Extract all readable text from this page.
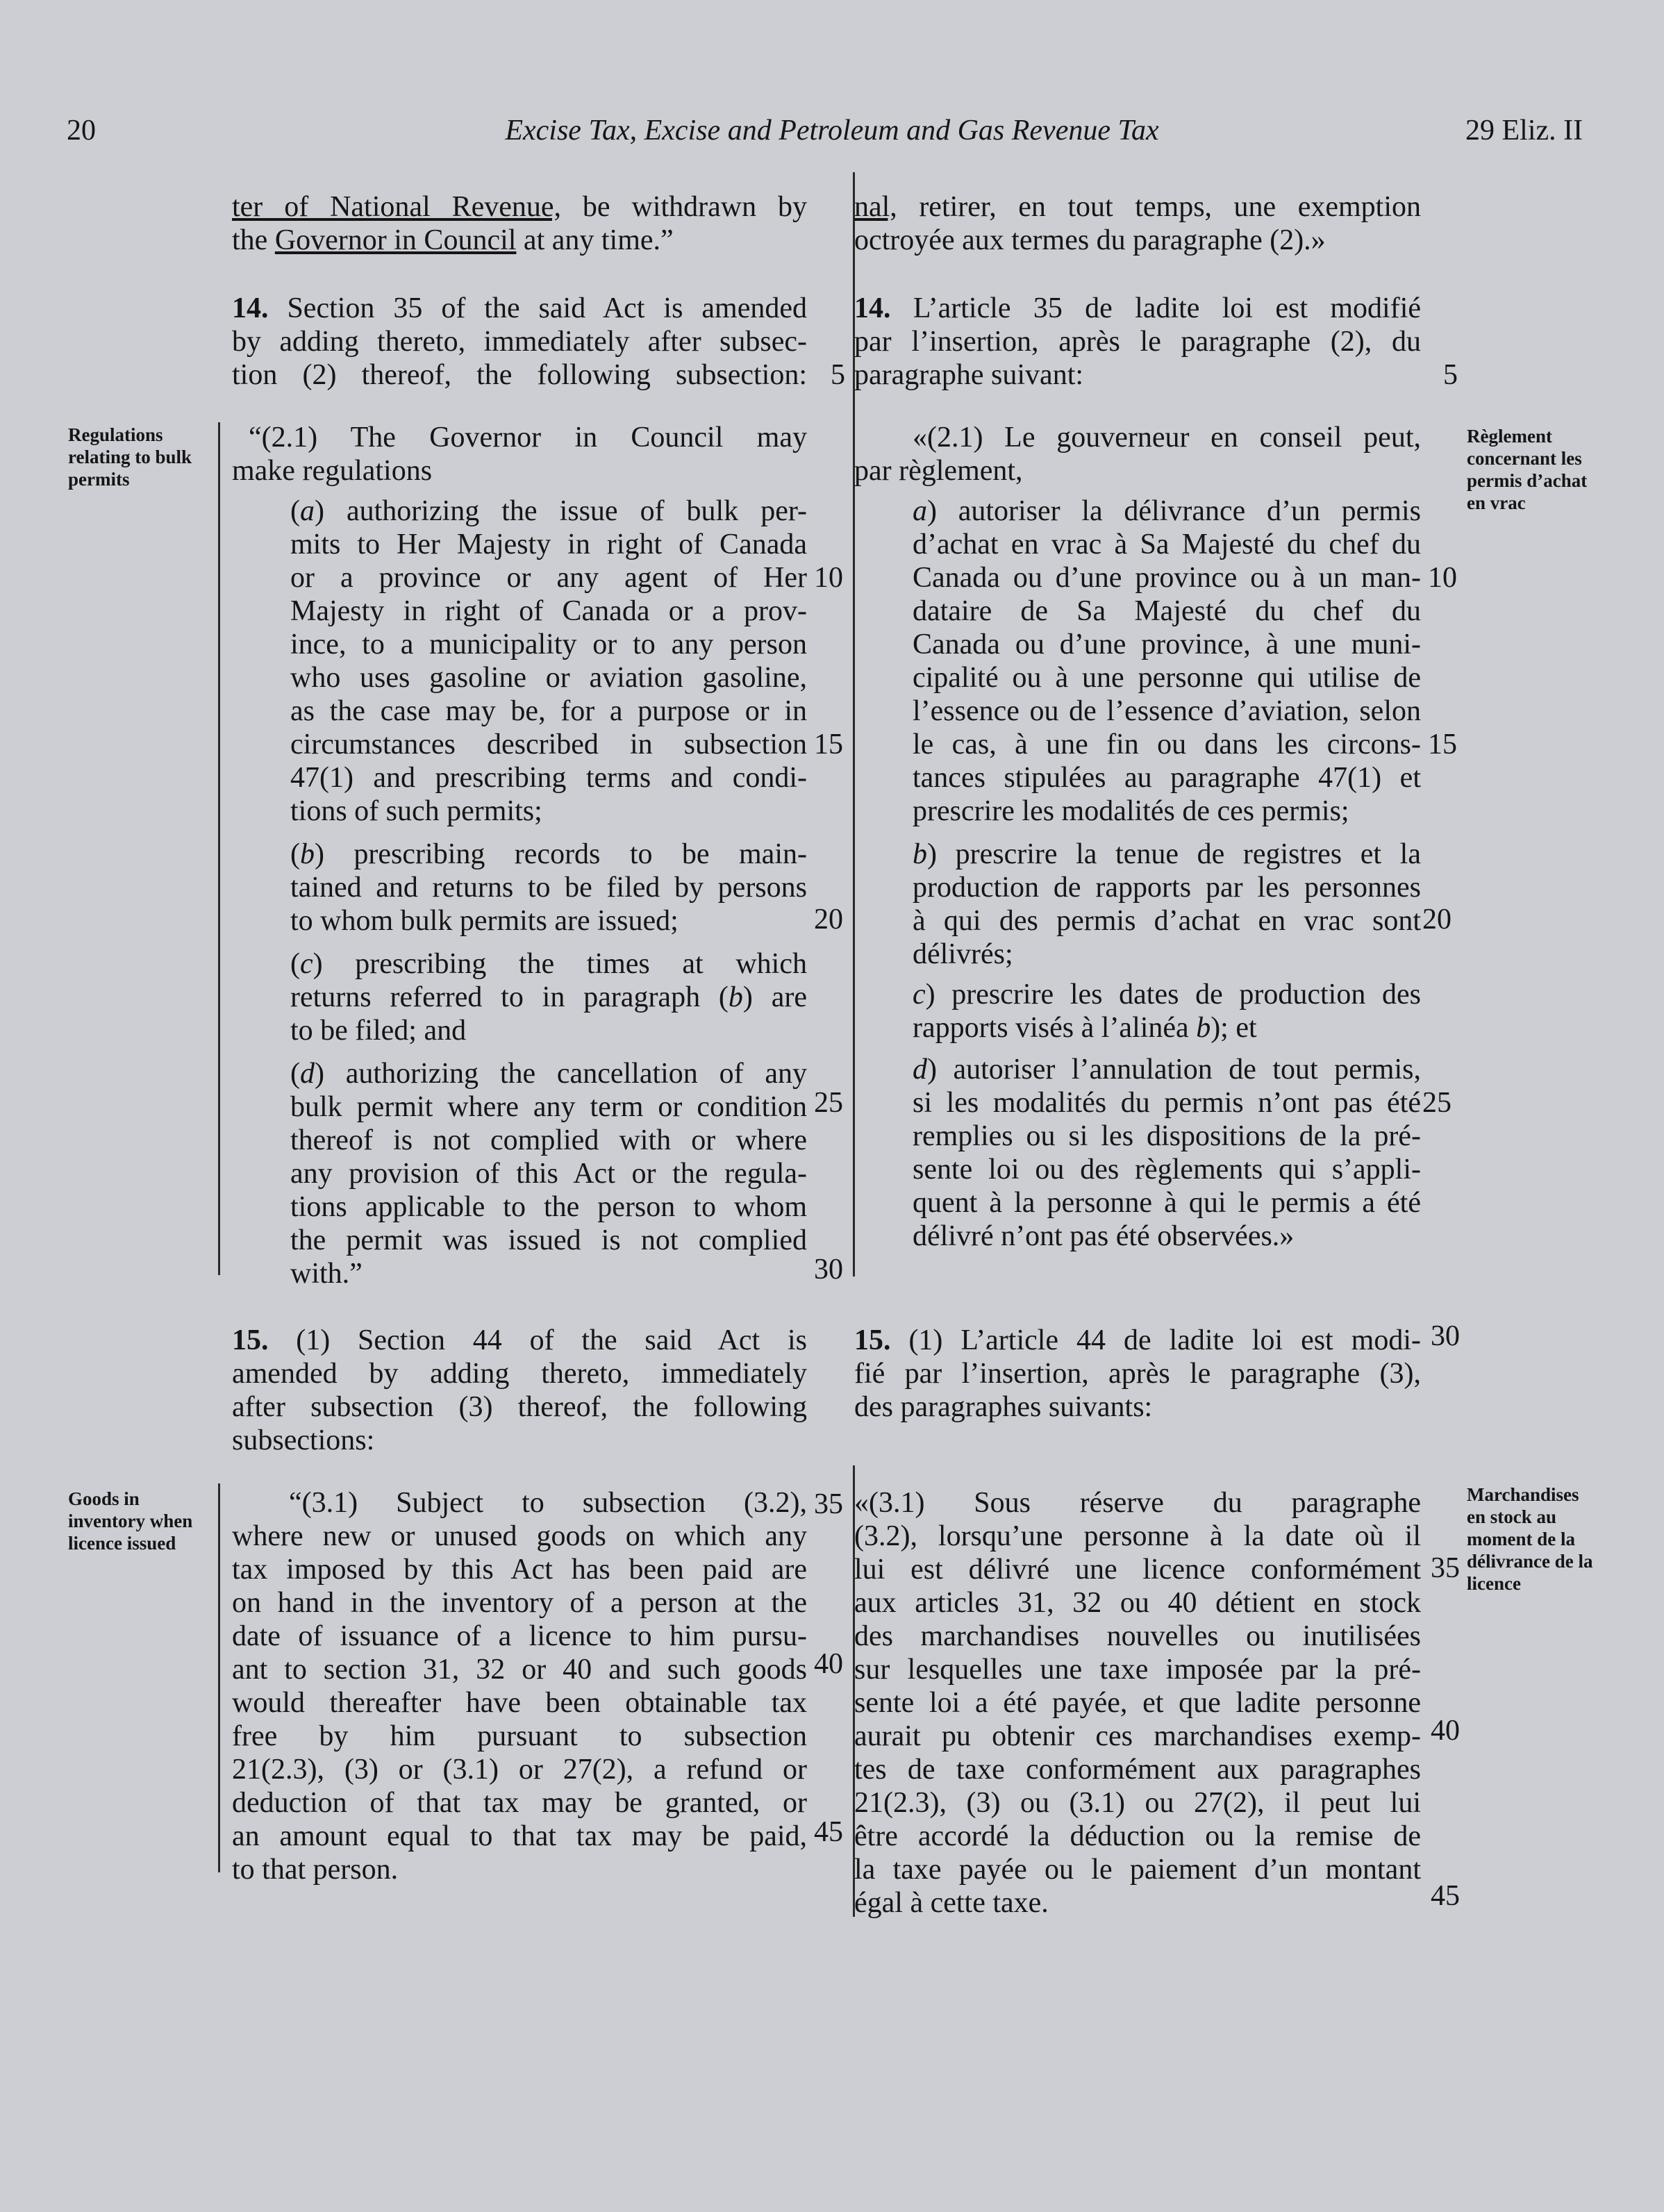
20	Excise Tax, Excise and Petroleum and Gas Revenue Tax	29 Eliz. II
Regulations
relating to bulk
permits
Goods in
inventory when
licence issued
Règlement
concernant les
permis d’achat
en vrac
Marchandises
en stock au
moment de la
délivrance de la
licence
5	5
10	10
15	15
20	20
25	25
30
30
35
35
40
40
45
45
ter of National Revenue, be withdrawn by
the Governor in Council at any time.”
14. Section 35 of the said Act is amended
by adding thereto, immediately after subsec-
tion (2) thereof, the following subsection:
“(2.1) The Governor in Council may
make regulations
(a) authorizing the issue of bulk per-
mits to Her Majesty in right of Canada
or a province or any agent of Her
Majesty in right of Canada or a prov-
ince, to a municipality or to any person
who uses gasoline or aviation gasoline,
as the case may be, for a purpose or in
circumstances described in subsection
47(1) and prescribing terms and condi-
tions of such permits;
(b) prescribing records to be main-
tained and returns to be filed by persons
to whom bulk permits are issued;
(c) prescribing the times at which
returns referred to in paragraph (b) are
to be filed; and
(d) authorizing the cancellation of any
bulk permit where any term or condition
thereof is not complied with or where
any provision of this Act or the regula-
tions applicable to the person to whom
the permit was issued is not complied
with.”
15. (1) Section 44 of the said Act is
amended by adding thereto, immediately
after subsection (3) thereof, the following
subsections:
“(3.1) Subject to subsection (3.2),
where new or unused goods on which any
tax imposed by this Act has been paid are
on hand in the inventory of a person at the
date of issuance of a licence to him pursu-
ant to section 31, 32 or 40 and such goods
would thereafter have been obtainable tax
free by him pursuant to subsection
21(2.3), (3) or (3.1) or 27(2), a refund or
deduction of that tax may be granted, or
an amount equal to that tax may be paid,
to that person.
nal, retirer, en tout temps, une exemption
octroyée aux termes du paragraphe (2).»
14. L’article 35 de ladite loi est modifié
par l’insertion, après le paragraphe (2), du
paragraphe suivant:
«(2.1) Le gouverneur en conseil peut,
par règlement,
a) autoriser la délivrance d’un permis
d’achat en vrac à Sa Majesté du chef du
Canada ou d’une province ou à un man-
dataire de Sa Majesté du chef du
Canada ou d’une province, à une muni-
cipalité ou à une personne qui utilise de
l’essence ou de l’essence d’aviation, selon
le cas, à une fin ou dans les circons-
tances stipulées au paragraphe 47(1) et
prescrire les modalités de ces permis;
b) prescrire la tenue de registres et la
production de rapports par les personnes
à qui des permis d’achat en vrac sont
délivrés;
c) prescrire les dates de production des
rapports visés à l’alinéa b); et
d) autoriser l’annulation de tout permis,
si les modalités du permis n’ont pas été
remplies ou si les dispositions de la pré-
sente loi ou des règlements qui s’appli-
quent à la personne à qui le permis a été
délivré n’ont pas été observées.»
15. (1) L’article 44 de ladite loi est modi-
fié par l’insertion, après le paragraphe (3),
des paragraphes suivants:
«(3.1) Sous réserve du paragraphe
(3.2), lorsqu’une personne à la date où il
lui est délivré une licence conformément
aux articles 31, 32 ou 40 détient en stock
des marchandises nouvelles ou inutilisées
sur lesquelles une taxe imposée par la pré-
sente loi a été payée, et que ladite personne
aurait pu obtenir ces marchandises exemp-
tes de taxe conformément aux paragraphes
21(2.3), (3) ou (3.1) ou 27(2), il peut lui
être accordé la déduction ou la remise de
la taxe payée ou le paiement d’un montant
égal à cette taxe.
